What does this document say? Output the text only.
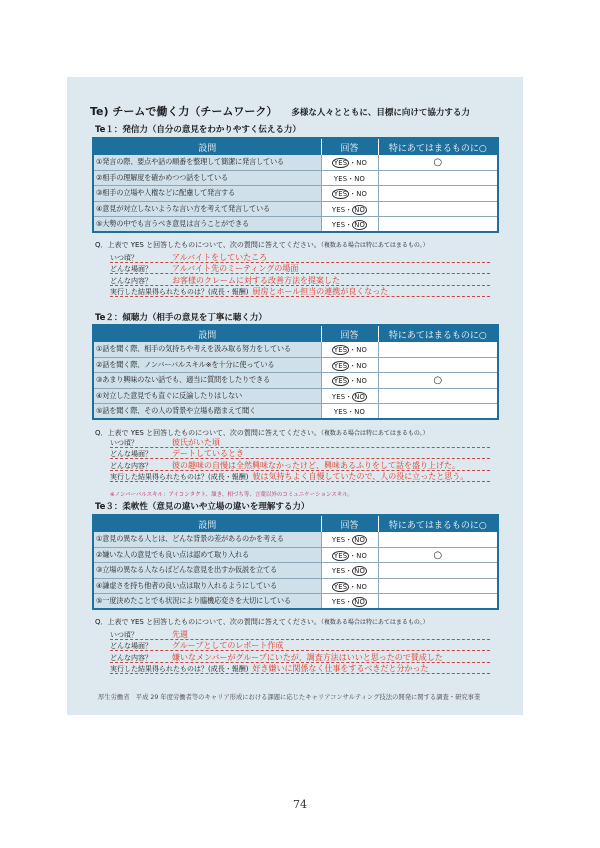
Te) チームで働く力（チームワーク） 多様な人々とともに、目標に向けて協力する力
Te１：発信力（自分の意見をわかりやすく伝える力）
設問	回答	特にあてはまるものに○
①発言の際、要点や話の順番を整理して簡潔に発言している	YES ・NO	○
②相手の理解度を確かめつつ話をしている	YES・NO	
③相手の立場や人権などに配慮して発言する	YES ・NO	
④意見が対立しないような言い方を考えて発言している	YES・ NO	
⑤大勢の中でも言うべき意見は言うことができる	YES・ NO	
Q．上表で YES と回答したものについて、次の質問に答えてください。（複数ある場合は特にあてはまるもの。）
いつ頃？	アルバイトをしていたころ
どんな場面？	アルバイト先のミーティングの場面
どんな内容？	お客様のクレームに対する改善方法を提案した
実行した結果得られたものは？(成長・報酬) 厨房とホール担当の連携が良くなった
Te２：傾聴力（相手の意見を丁寧に聴く力）
設問	回答	特にあてはまるものに○
①話を聞く際、相手の気持ちや考えを汲み取る努力をしている	YES ・NO	
②話を聞く際、ノンバーバルスキル※を十分に使っている	YES ・NO	
③あまり興味のない話でも、適当に質問をしたりできる	YES ・NO	○
④対立した意見でも直ぐに反論したりはしない	YES・ NO	
⑤話を聞く際、その人の背景や立場も踏まえて聞く	YES・NO	
Q．上表で YES と回答したものについて、次の質問に答えてください。（複数ある場合は特にあてはまるもの。）
いつ頃？	彼氏がいた頃
どんな場面？	デートしているとき
どんな内容？	彼の趣味の自慢は全然興味なかったけど、興味あるふりをして話を盛り上げた。
実行した結果得られたものは？(成長・報酬) 彼は気持ちよく自慢していたので、人の役に立ったと思う。
※ノンバーバルスキル：アイコンタクト、頷き、相づち等、言葉以外のコミュニケーションスキル。
Te３：柔軟性（意見の違いや立場の違いを理解する力）
設問	回答	特にあてはまるものに○
①意見の異なる人とは、どんな背景の差があるのかを考える	YES・ NO	
②嫌いな人の意見でも良い点は認めて取り入れる	YES ・NO	○
③立場の異なる人ならばどんな意見を出すか仮説を立てる	YES・ NO	
④謙虚さを持ち他者の良い点は取り入れるようにしている	YES ・NO	
⑤一度決めたことでも状況により臨機応変さを大切にしている	YES・ NO	
Q．上表で YES と回答したものについて、次の質問に答えてください。（複数ある場合は特にあてはまるもの。）
いつ頃？	先週
どんな場面？	グループとしてのレポート作成
どんな内容？	嫌いなメンバーがグループにいたが、調査方法はいいと思ったので賛成した
実行した結果得られたものは？(成長・報酬) 好き嫌いに関係なく仕事をするべきだと分かった
厚生労働省　平成 29 年度労働者等のキャリア形成における課題に応じたキャリアコンサルティング技法の開発に関する調査・研究事業
74
